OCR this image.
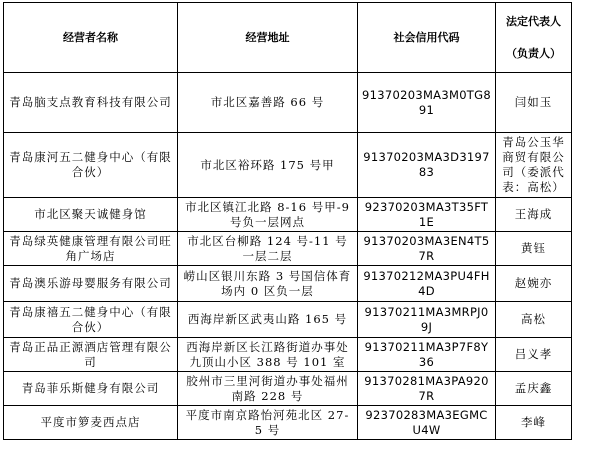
经营者名称	经营地址	社会信用代码	法定代表人
（负责人）

青岛脑支点教育科技有限公司	市北区嘉善路 66 号	91370203MA3M0TG891	闫如玉
青岛康河五二健身中心（有限合伙）	市北区裕环路 175 号甲	91370203MA3D319783	青岛公玉华商贸有限公司（委派代表：高松）
市北区聚天诚健身馆	市北区镇江北路 8-16 号甲-9 号负一层网点	92370203MA3T35FT1E	王海成
青岛绿英健康管理有限公司旺角广场店	市北区台柳路 124 号-11 号一层二层	91370203MA3EN4T57R	黄钰
青岛澳乐游母婴服务有限公司	崂山区银川东路 3 号国信体育场内 0 区负一层	91370212MA3PU4FH4D	赵婉亦
青岛康禧五二健身中心（有限合伙）	西海岸新区武夷山路 165 号	91370211MA3MRPJ09J	高松
青岛正品正源酒店管理有限公司	西海岸新区长江路街道办事处九顶山小区 388 号 101 室	91370211MA3P7F8Y36	吕义孝
青岛菲乐斯健身有限公司	胶州市三里河街道办事处福州南路 228 号	91370281MA3PA9207R	孟庆鑫
平度市箩麦西点店	平度市南京路怡河苑北区 27-5 号	92370283MA3EGMCU4W	李峰
